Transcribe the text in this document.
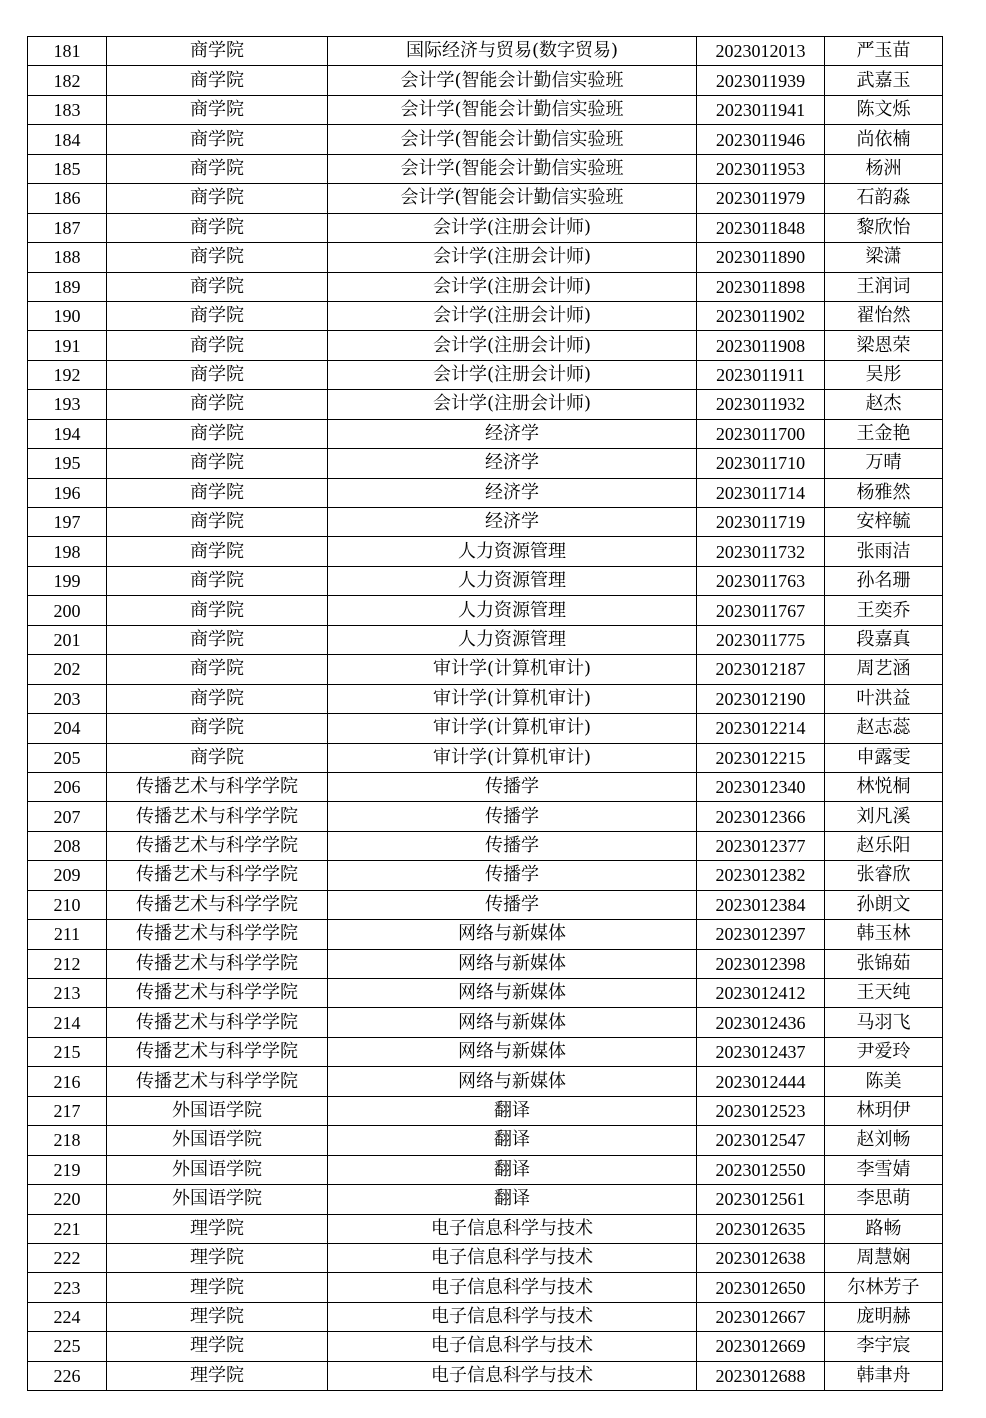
181	商学院	国际经济与贸易(数字贸易)	2023012013	严玉苗
182	商学院	会计学(智能会计勤信实验班	2023011939	武嘉玉
183	商学院	会计学(智能会计勤信实验班	2023011941	陈文烁
184	商学院	会计学(智能会计勤信实验班	2023011946	尚依楠
185	商学院	会计学(智能会计勤信实验班	2023011953	杨洲
186	商学院	会计学(智能会计勤信实验班	2023011979	石韵淼
187	商学院	会计学(注册会计师)	2023011848	黎欣怡
188	商学院	会计学(注册会计师)	2023011890	梁潇
189	商学院	会计学(注册会计师)	2023011898	王润词
190	商学院	会计学(注册会计师)	2023011902	翟怡然
191	商学院	会计学(注册会计师)	2023011908	梁恩荣
192	商学院	会计学(注册会计师)	2023011911	吴彤
193	商学院	会计学(注册会计师)	2023011932	赵杰
194	商学院	经济学	2023011700	王金艳
195	商学院	经济学	2023011710	万晴
196	商学院	经济学	2023011714	杨雅然
197	商学院	经济学	2023011719	安梓毓
198	商学院	人力资源管理	2023011732	张雨洁
199	商学院	人力资源管理	2023011763	孙名珊
200	商学院	人力资源管理	2023011767	王奕乔
201	商学院	人力资源管理	2023011775	段嘉真
202	商学院	审计学(计算机审计)	2023012187	周艺涵
203	商学院	审计学(计算机审计)	2023012190	叶洪益
204	商学院	审计学(计算机审计)	2023012214	赵志蕊
205	商学院	审计学(计算机审计)	2023012215	申露雯
206	传播艺术与科学学院	传播学	2023012340	林悦桐
207	传播艺术与科学学院	传播学	2023012366	刘凡溪
208	传播艺术与科学学院	传播学	2023012377	赵乐阳
209	传播艺术与科学学院	传播学	2023012382	张睿欣
210	传播艺术与科学学院	传播学	2023012384	孙朗文
211	传播艺术与科学学院	网络与新媒体	2023012397	韩玉林
212	传播艺术与科学学院	网络与新媒体	2023012398	张锦茹
213	传播艺术与科学学院	网络与新媒体	2023012412	王天纯
214	传播艺术与科学学院	网络与新媒体	2023012436	马羽飞
215	传播艺术与科学学院	网络与新媒体	2023012437	尹爱玲
216	传播艺术与科学学院	网络与新媒体	2023012444	陈美
217	外国语学院	翻译	2023012523	林玥伊
218	外国语学院	翻译	2023012547	赵刘畅
219	外国语学院	翻译	2023012550	李雪婧
220	外国语学院	翻译	2023012561	李思萌
221	理学院	电子信息科学与技术	2023012635	路畅
222	理学院	电子信息科学与技术	2023012638	周慧娴
223	理学院	电子信息科学与技术	2023012650	尔林芳子
224	理学院	电子信息科学与技术	2023012667	庞明赫
225	理学院	电子信息科学与技术	2023012669	李宇宸
226	理学院	电子信息科学与技术	2023012688	韩聿舟
